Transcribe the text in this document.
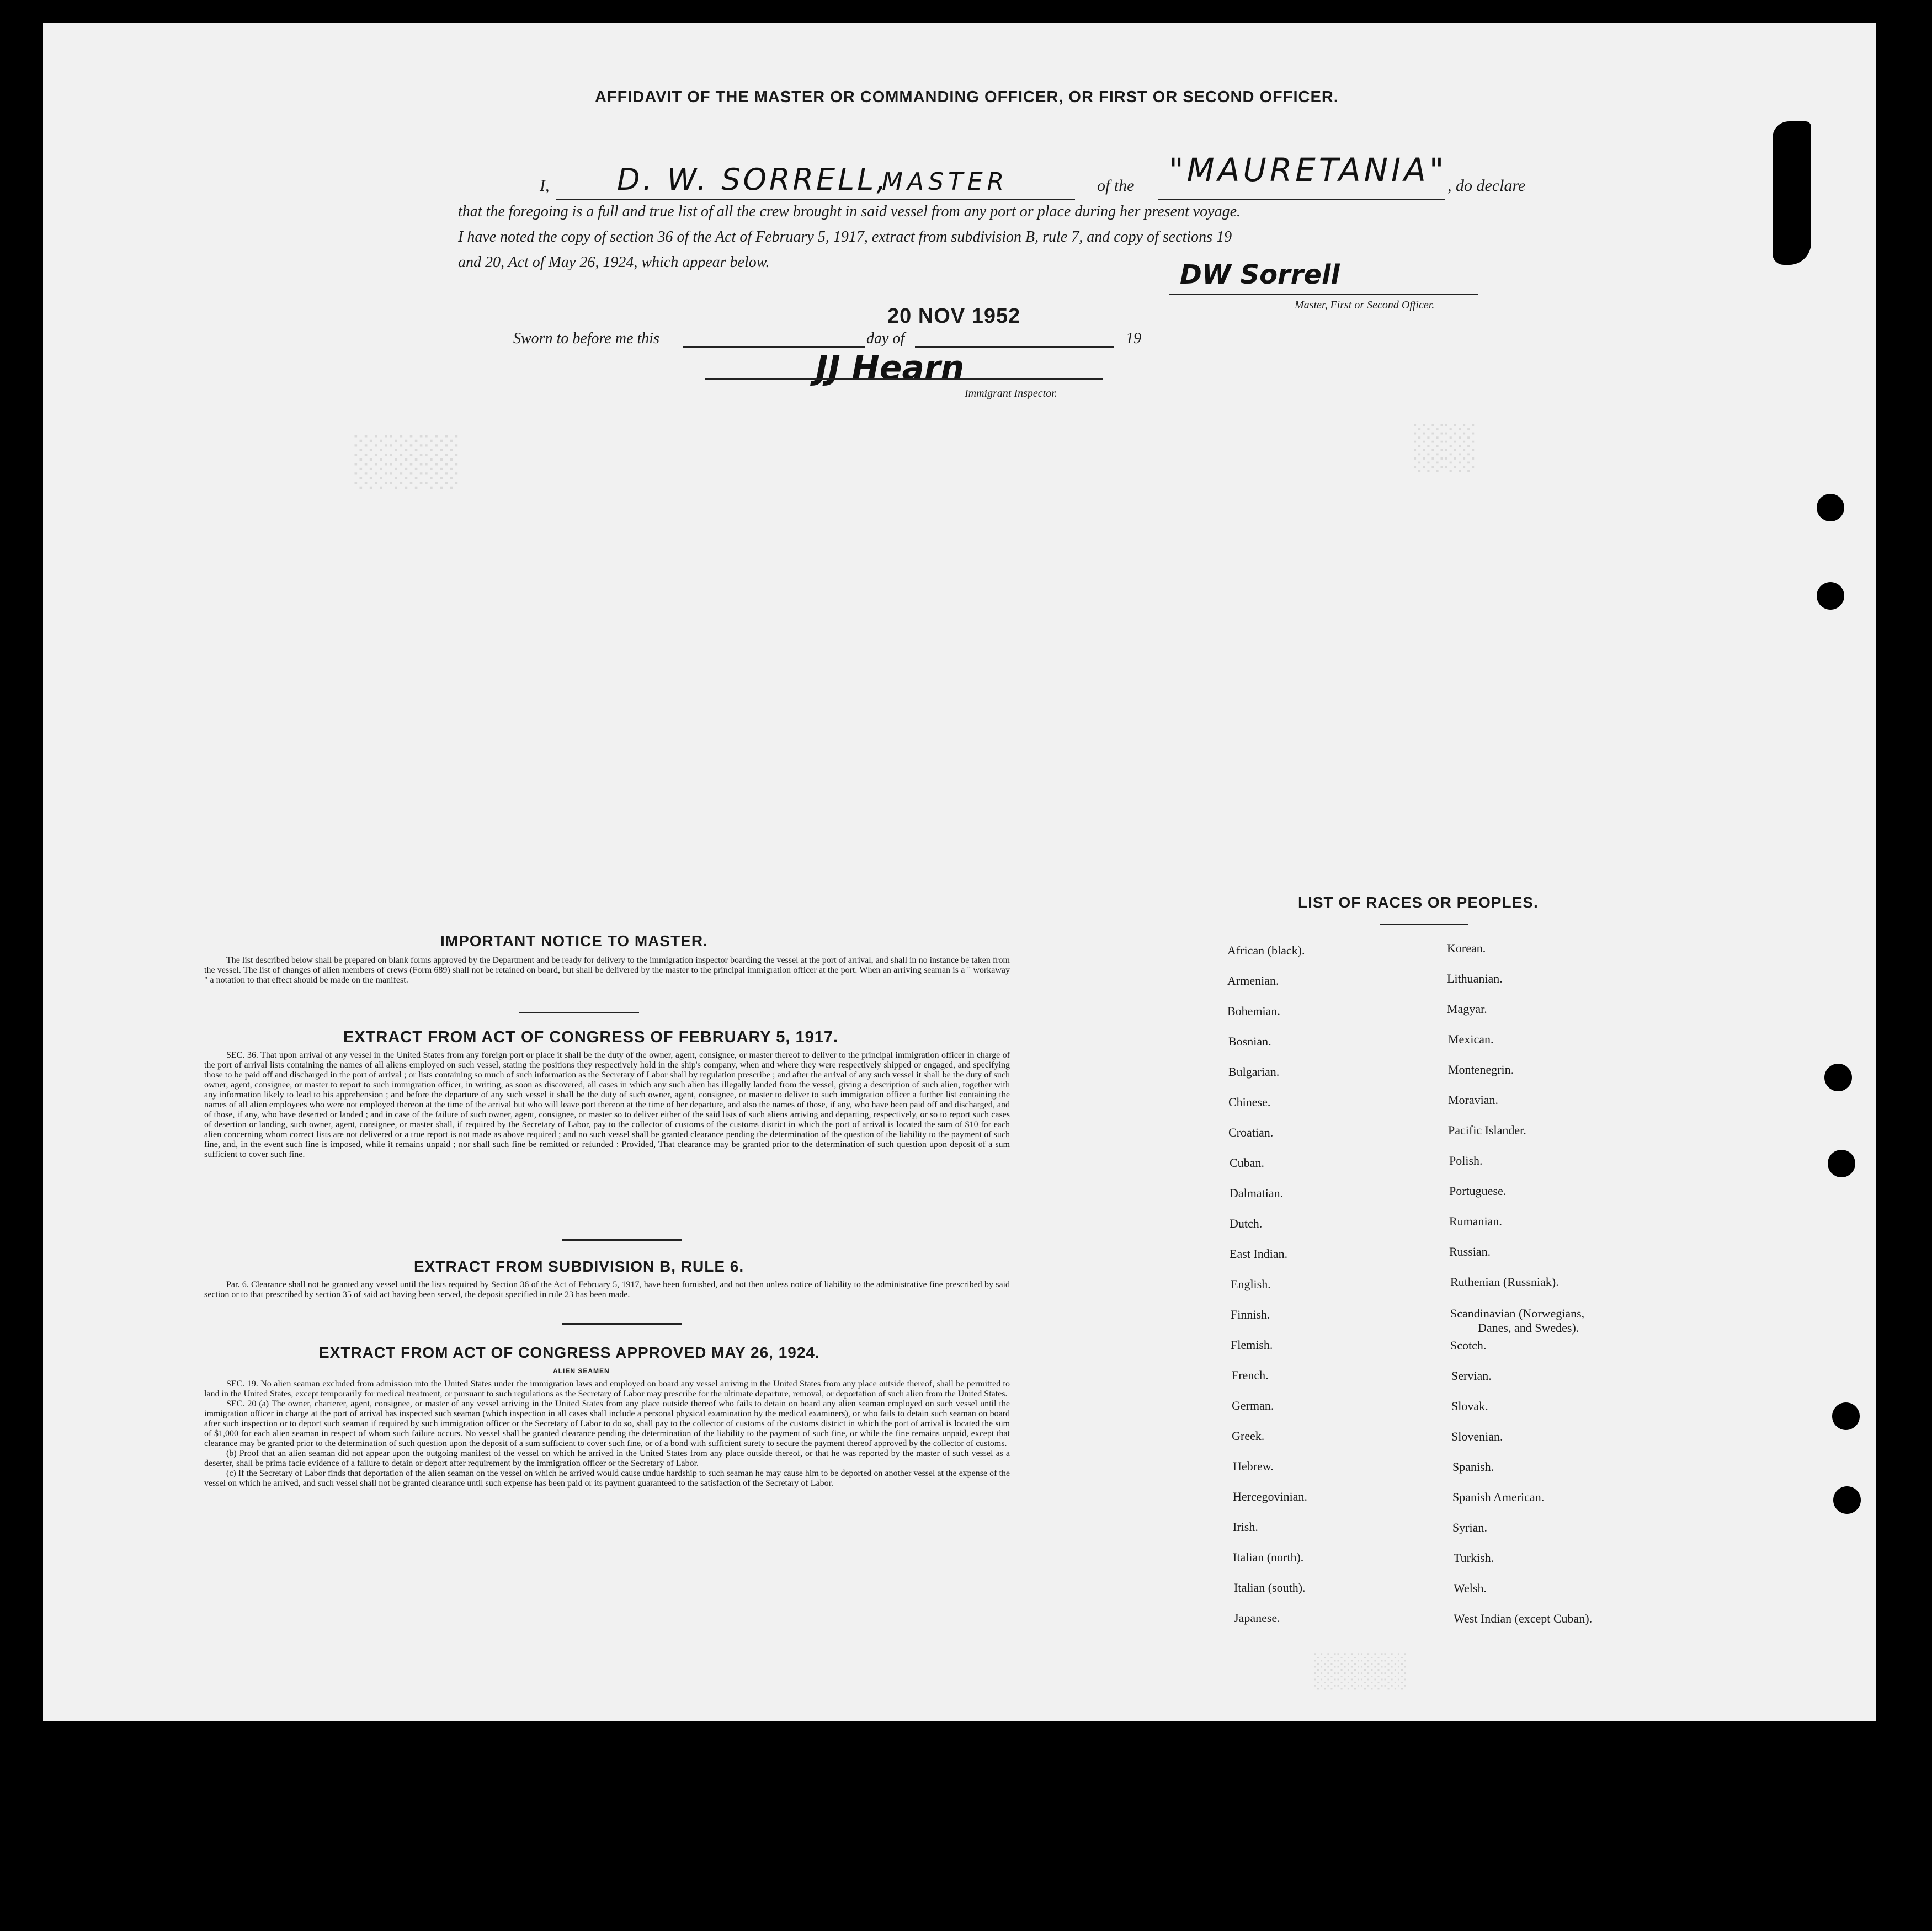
░░░	░░
░░░░
AFFIDAVIT OF THE MASTER OR COMMANDING OFFICER, OR FIRST OR SECOND OFFICER.
I, D. W. SORRELL,
MASTER	of the "MAURETANIA" , do declare
that the foregoing is a full and true list of all the crew brought in said vessel from any port or place during her present voyage.
I have noted the copy of section 36 of the Act of February 5, 1917, extract from subdivision B, rule 7, and copy of sections 19
and 20, Act of May 26, 1924, which appear below.	DW Sorrell
Master, First or Second Officer.
Sworn to before me this	day of
20 NOV 1952
19
JJ Hearn
Immigrant Inspector.
IMPORTANT NOTICE TO MASTER.

The list described below shall be prepared on blank forms approved by the Department and be ready for delivery to the immigration inspector boarding the vessel at the port of arrival, and shall in no instance be taken from the vessel. The list of changes of alien members of crews (Form 689) shall not be retained on board, but shall be delivered by the master to the principal immigration officer at the port. When an arriving seaman is a " workaway " a notation to that effect should be made on the manifest.

EXTRACT FROM ACT OF CONGRESS OF FEBRUARY 5, 1917.

SEC. 36. That upon arrival of any vessel in the United States from any foreign port or place it shall be the duty of the owner, agent, consignee, or master thereof to deliver to the principal immigration officer in charge of the port of arrival lists containing the names of all aliens employed on such vessel, stating the positions they respectively hold in the ship's company, when and where they were respectively shipped or engaged, and specifying those to be paid off and discharged in the port of arrival ; or lists containing so much of such information as the Secretary of Labor shall by regulation prescribe ; and after the arrival of any such vessel it shall be the duty of such owner, agent, consignee, or master to report to such immigration officer, in writing, as soon as discovered, all cases in which any such alien has illegally landed from the vessel, giving a description of such alien, together with any information likely to lead to his apprehension ; and before the departure of any such vessel it shall be the duty of such owner, agent, consignee, or master to deliver to such immigration officer a further list containing the names of all alien employees who were not employed thereon at the time of the arrival but who will leave port thereon at the time of her departure, and also the names of those, if any, who have been paid off and discharged, and of those, if any, who have deserted or landed ; and in case of the failure of such owner, agent, consignee, or master so to deliver either of the said lists of such aliens arriving and departing, respectively, or so to report such cases of desertion or landing, such owner, agent, consignee, or master shall, if required by the Secretary of Labor, pay to the collector of customs of the customs district in which the port of arrival is located the sum of $10 for each alien concerning whom correct lists are not delivered or a true report is not made as above required ; and no such vessel shall be granted clearance pending the determination of the question of the liability to the payment of such fine, and, in the event such fine is imposed, while it remains unpaid ; nor shall such fine be remitted or refunded : Provided, That clearance may be granted prior to the determination of such question upon deposit of a sum sufficient to cover such fine.

EXTRACT FROM SUBDIVISION B, RULE 6.

Par. 6. Clearance shall not be granted any vessel until the lists required by Section 36 of the Act of February 5, 1917, have been furnished, and not then unless notice of liability to the administrative fine prescribed by said section or to that prescribed by section 35 of said act having been served, the deposit specified in rule 23 has been made.

EXTRACT FROM ACT OF CONGRESS APPROVED MAY 26, 1924.
ALIEN SEAMEN

SEC. 19. No alien seaman excluded from admission into the United States under the immigration laws and employed on board any vessel arriving in the United States from any place outside thereof, shall be permitted to land in the United States, except temporarily for medical treatment, or pursuant to such regulations as the Secretary of Labor may prescribe for the ultimate departure, removal, or deportation of such alien from the United States.

SEC. 20 (a) The owner, charterer, agent, consignee, or master of any vessel arriving in the United States from any place outside thereof who fails to detain on board any alien seaman employed on such vessel until the immigration officer in charge at the port of arrival has inspected such seaman (which inspection in all cases shall include a personal physical examination by the medical examiners), or who fails to detain such seaman on board after such inspection or to deport such seaman if required by such immigration officer or the Secretary of Labor to do so, shall pay to the collector of customs of the customs district in which the port of arrival is located the sum of $1,000 for each alien seaman in respect of whom such failure occurs. No vessel shall be granted clearance pending the determination of the liability to the payment of such fine, or while the fine remains unpaid, except that clearance may be granted prior to the determination of such question upon the deposit of a sum sufficient to cover such fine, or of a bond with sufficient surety to secure the payment thereof approved by the collector of customs.

(b) Proof that an alien seaman did not appear upon the outgoing manifest of the vessel on which he arrived in the United States from any place outside thereof, or that he was reported by the master of such vessel as a deserter, shall be prima facie evidence of a failure to detain or deport after requirement by the immigration officer or the Secretary of Labor.

(c) If the Secretary of Labor finds that deportation of the alien seaman on the vessel on which he arrived would cause undue hardship to such seaman he may cause him to be deported on another vessel at the expense of the vessel on which he arrived, and such vessel shall not be granted clearance until such expense has been paid or its payment guaranteed to the satisfaction of the Secretary of Labor.

LIST OF RACES OR PEOPLES.
African (black).
Armenian.
Bohemian.
Bosnian.
Bulgarian.
Chinese.
Croatian.
Cuban.
Dalmatian.
Dutch.
East Indian.
English.
Finnish.
Flemish.
French.
German.
Greek.
Hebrew.
Hercegovinian.
Irish.
Italian (north).
Italian (south).
Japanese.
Korean.
Lithuanian.
Magyar.
Mexican.
Montenegrin.
Moravian.
Pacific Islander.
Polish.
Portuguese.
Rumanian.
Russian.
Ruthenian (Russniak).
Scandinavian (Norwegians,
Danes, and Swedes).
Scotch.
Servian.
Slovak.
Slovenian.
Spanish.
Spanish American.
Syrian.
Turkish.
Welsh.
West Indian (except Cuban).
